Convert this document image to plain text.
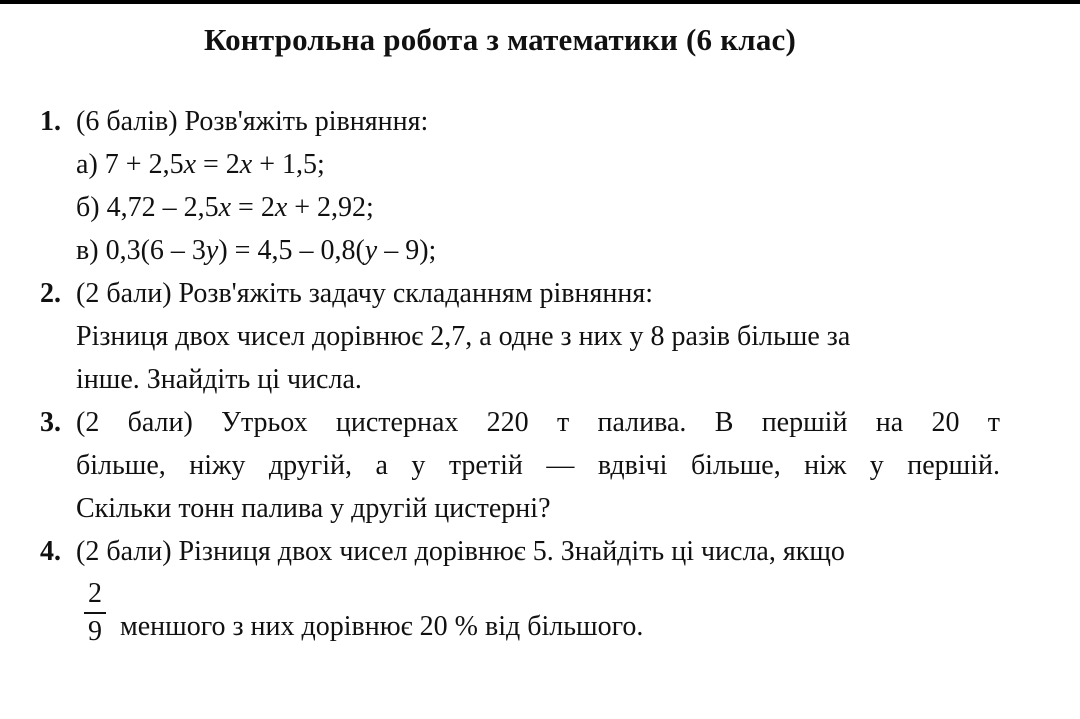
Контрольна робота з математики (6 клас)
1. (6 балів) Розв'яжіть рівняння:
а) 7 + 2,5x = 2x + 1,5;
б) 4,72 – 2,5x = 2x + 2,92;
в) 0,3(6 – 3y) = 4,5 – 0,8(y – 9);
2. (2 бали) Розв'яжіть задачу складанням рівняння:
Різниця двох чисел дорівнює 2,7, а одне з них у 8 разів більше за
інше. Знайдіть ці числа.
3. (2 бали) Утрьох цистернах 220 т палива. В першій на 20 т
більше, ніжу другій, а у третій — вдвічі більше, ніж у першій.
Скільки тонн палива у другій цистерні?
4. (2 бали) Різниця двох чисел дорівнює 5. Знайдіть ці числа, якщо
$\frac{2}{9}$ меншого з них дорівнює 20 % від більшого.
